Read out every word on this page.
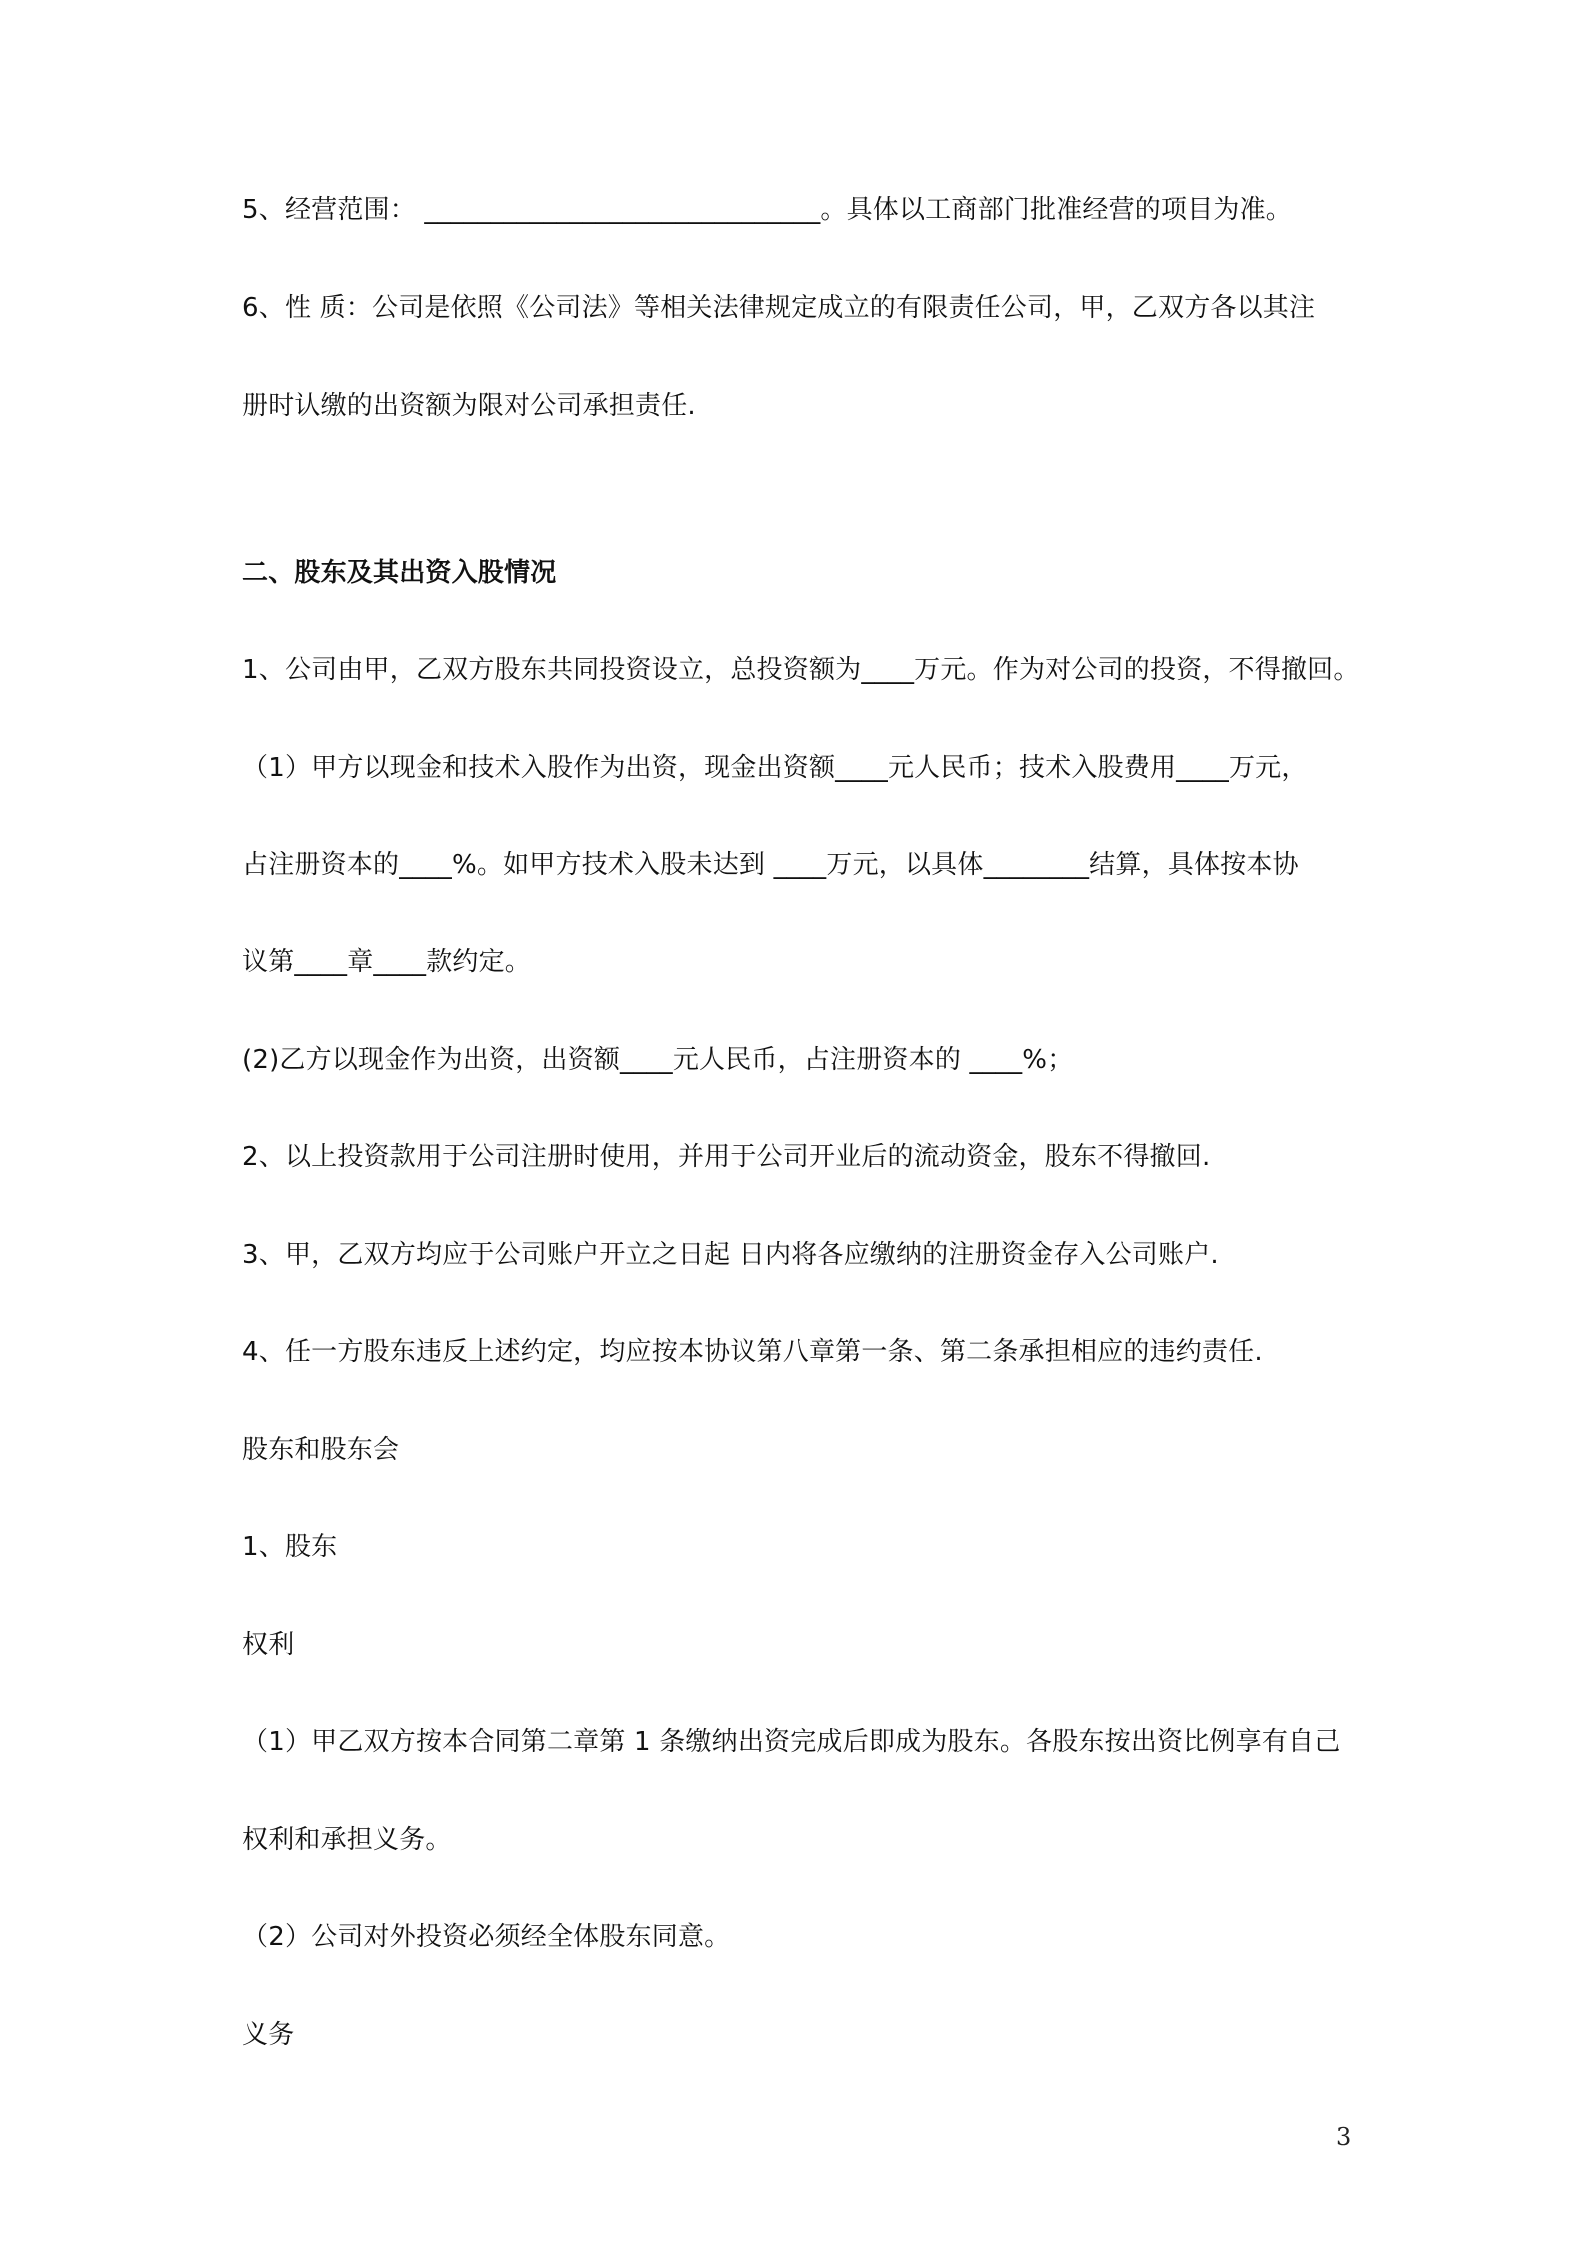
5、经营范围： ______________________________。具体以工商部门批准经营的项目为准。
6、性 质：公司是依照《公司法》等相关法律规定成立的有限责任公司，甲，乙双方各以其注
册时认缴的出资额为限对公司承担责任.
二、股东及其出资入股情况
1、公司由甲，乙双方股东共同投资设立，总投资额为____万元。作为对公司的投资，不得撤回。
（1）甲方以现金和技术入股作为出资，现金出资额____元人民币；技术入股费用____万元，
占注册资本的____%。如甲方技术入股未达到 ____万元，以具体________结算，具体按本协
议第____章____款约定。
(2)乙方以现金作为出资，出资额____元人民币，占注册资本的 ____%；
2、以上投资款用于公司注册时使用，并用于公司开业后的流动资金，股东不得撤回.
3、甲，乙双方均应于公司账户开立之日起 日内将各应缴纳的注册资金存入公司账户.
4、任一方股东违反上述约定，均应按本协议第八章第一条、第二条承担相应的违约责任.
股东和股东会
1、股东
权利
（1）甲乙双方按本合同第二章第 1 条缴纳出资完成后即成为股东。各股东按出资比例享有自己
权利和承担义务。
（2）公司对外投资必须经全体股东同意。
义务
3
